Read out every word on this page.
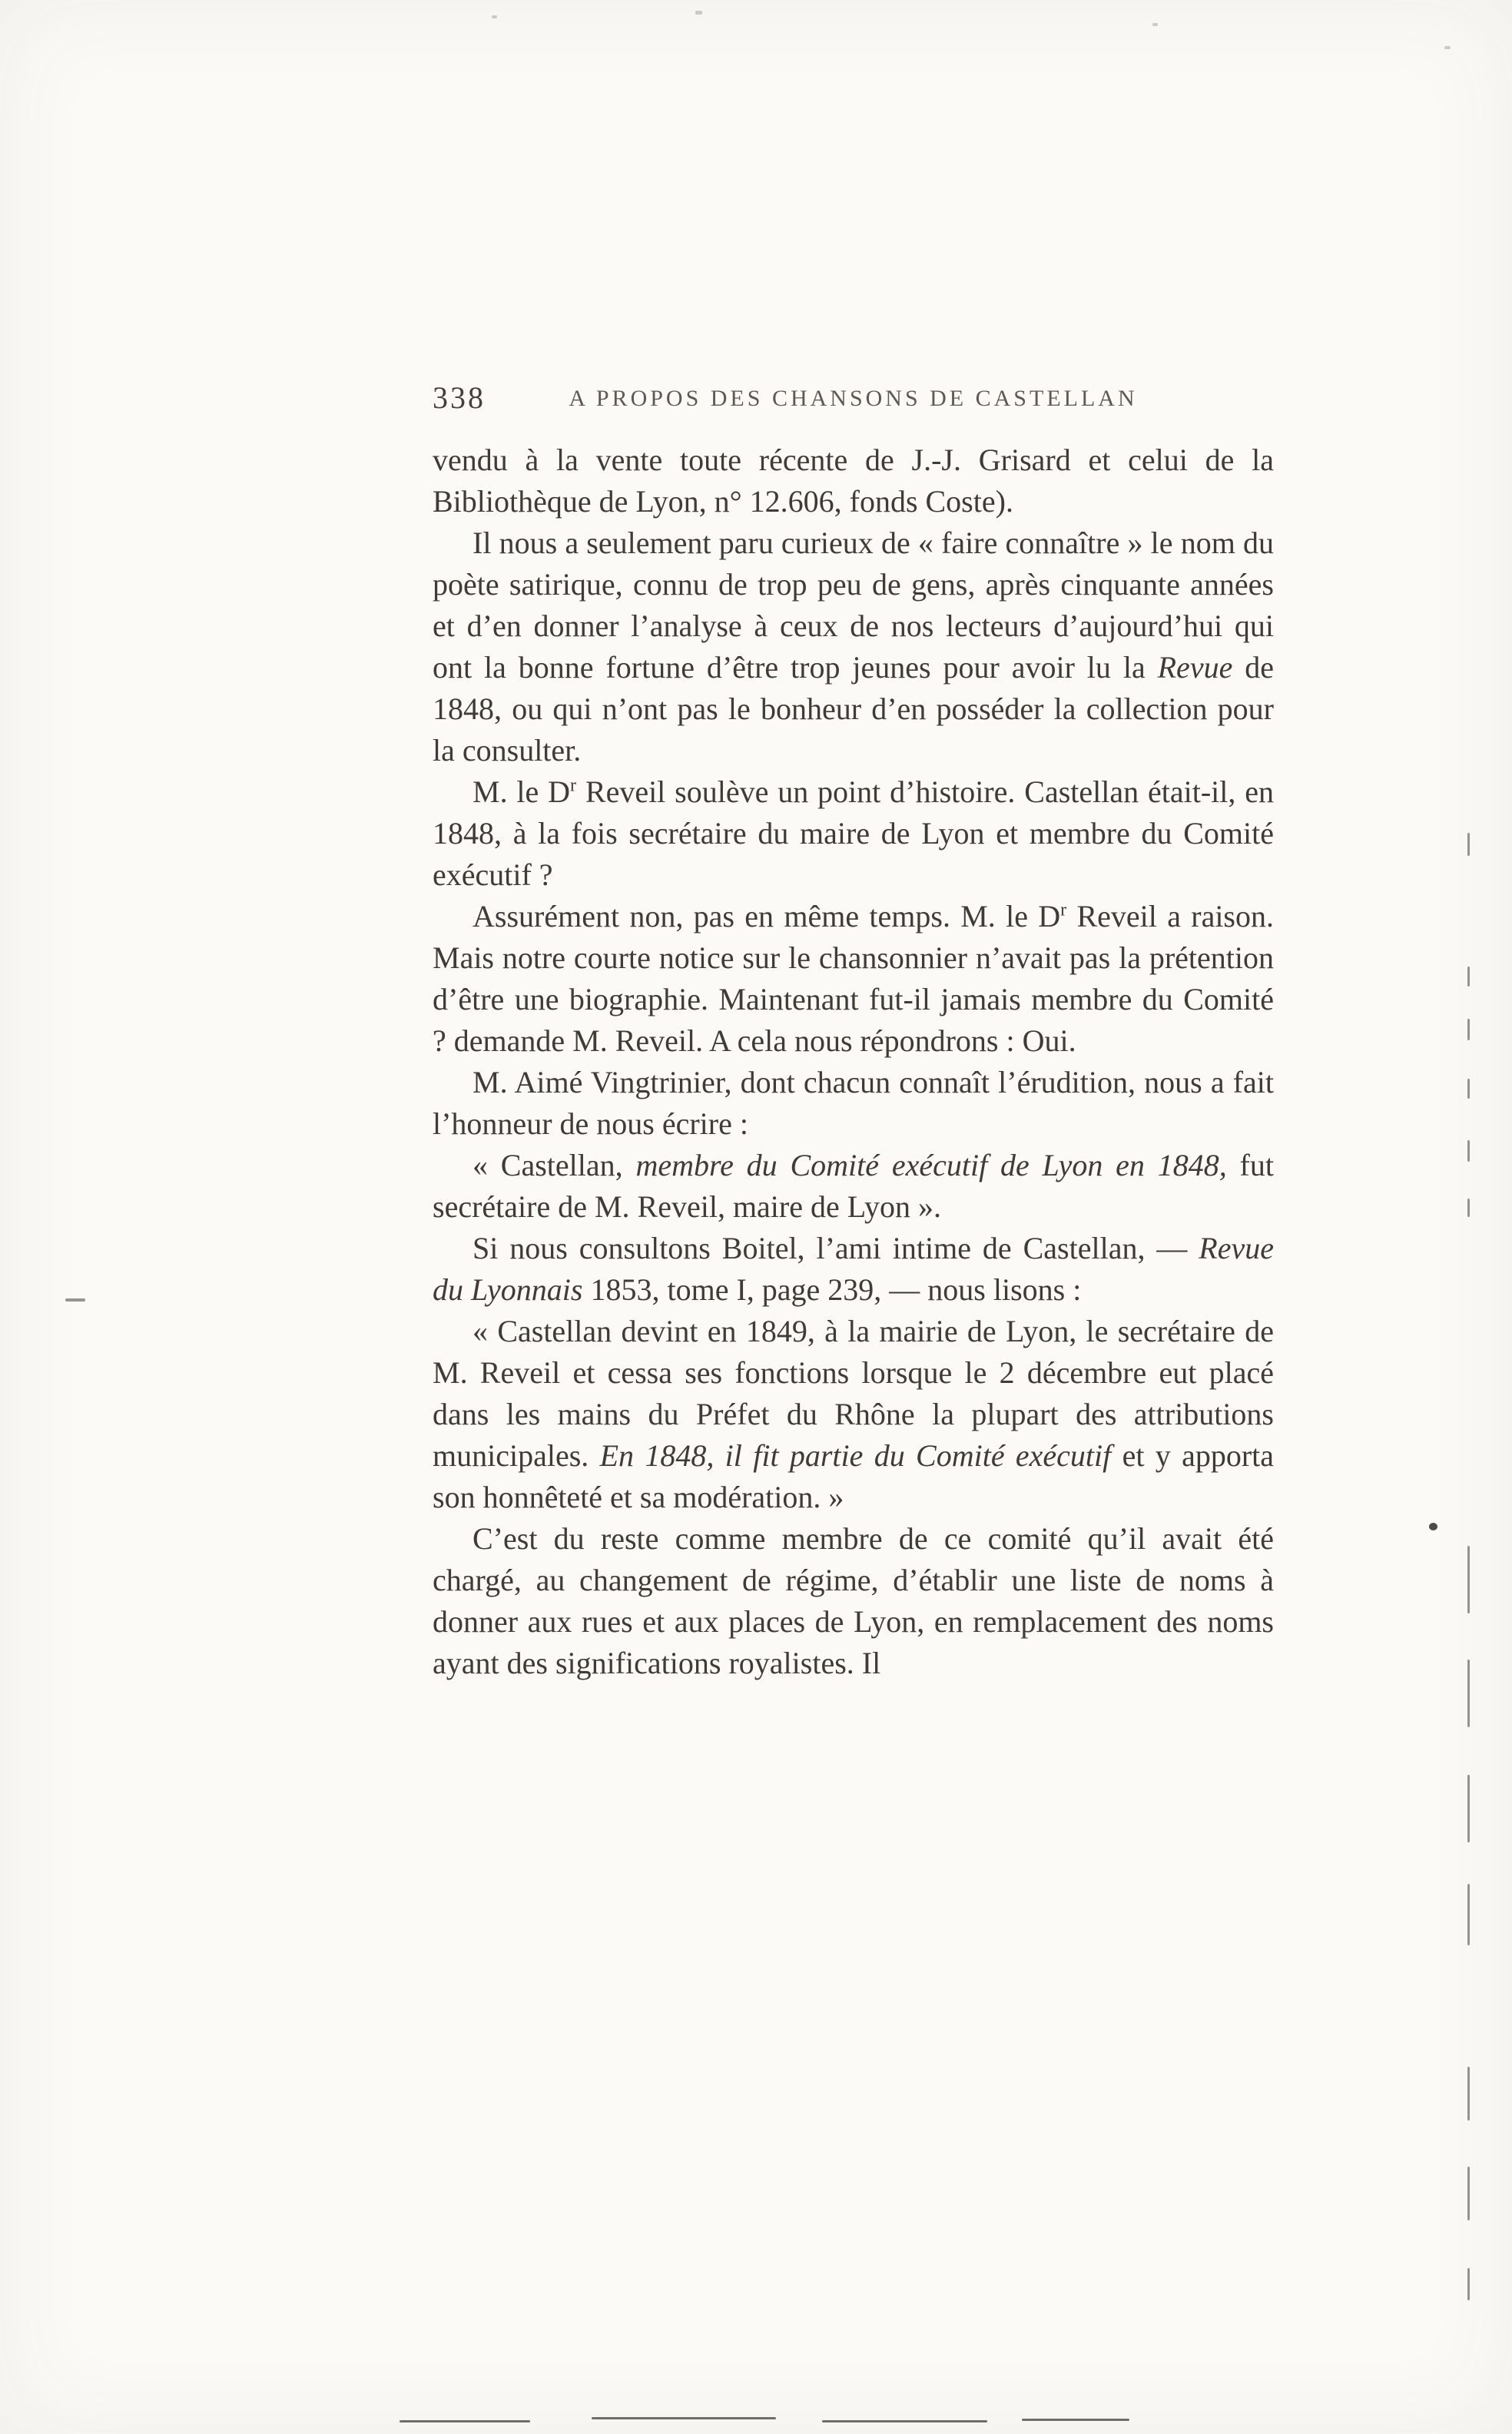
338	A PROPOS DES CHANSONS DE CASTELLAN

vendu à la vente toute récente de J.-J. Grisard et celui de la Bibliothèque de Lyon, n° 12.606, fonds Coste).

Il nous a seulement paru curieux de « faire connaître » le nom du poète satirique, connu de trop peu de gens, après cinquante années et d’en donner l’analyse à ceux de nos lecteurs d’aujourd’hui qui ont la bonne fortune d’être trop jeunes pour avoir lu la Revue de 1848, ou qui n’ont pas le bonheur d’en posséder la collection pour la consulter.

M. le $D^r$ Reveil soulève un point d’histoire. Castellan était-il, en 1848, à la fois secrétaire du maire de Lyon et membre du Comité exécutif ?

Assurément non, pas en même temps. M. le $D^r$ Reveil a raison. Mais notre courte notice sur le chansonnier n’avait pas la prétention d’être une biographie. Maintenant fut-il jamais membre du Comité ? demande M. Reveil. A cela nous répondrons : Oui.

M. Aimé Vingtrinier, dont chacun connaît l’érudition, nous a fait l’honneur de nous écrire :

« Castellan, membre du Comité exécutif de Lyon en 1848, fut secrétaire de M. Reveil, maire de Lyon ».

Si nous consultons Boitel, l’ami intime de Castellan, — Revue du Lyonnais 1853, tome I, page 239, — nous lisons :

« Castellan devint en 1849, à la mairie de Lyon, le secrétaire de M. Reveil et cessa ses fonctions lorsque le 2 décembre eut placé dans les mains du Préfet du Rhône la plupart des attributions municipales. En 1848, il fit partie du Comité exécutif et y apporta son honnêteté et sa modération. »

C’est du reste comme membre de ce comité qu’il avait été chargé, au changement de régime, d’établir une liste de noms à donner aux rues et aux places de Lyon, en remplacement des noms ayant des significations royalistes. Il
